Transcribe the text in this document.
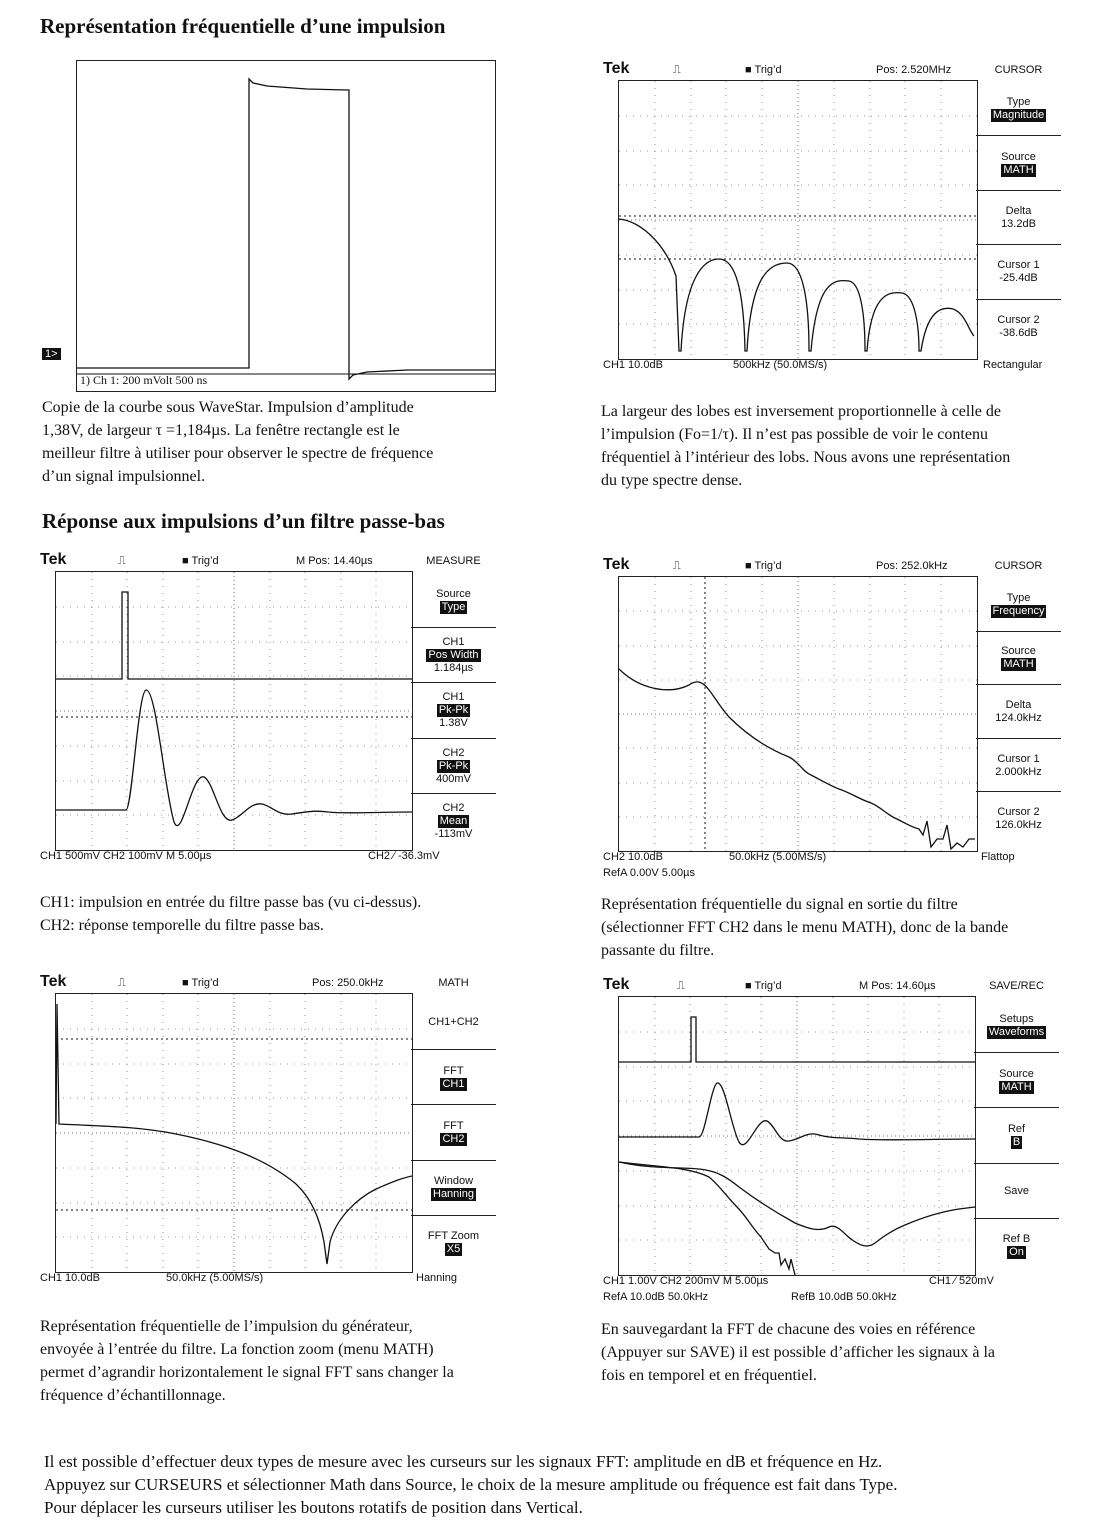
Représentation fréquentielle d’une impulsion
Réponse aux impulsions d’un filtre passe-bas
1>
1) Ch 1: 200 mVolt 500 ns
Copie de la courbe sous WaveStar. Impulsion d’amplitude
1,38V, de largeur τ =1,184µs. La fenêtre rectangle est le
meilleur filtre à utiliser pour observer le spectre de fréquence
d’un signal impulsionnel.
La largeur des lobes est inversement proportionnelle à celle de
l’impulsion (Fo=1/τ). Il n’est pas possible de voir le contenu
fréquentiel à l’intérieur des lobs. Nous avons une représentation
du type spectre dense.
CH1: impulsion en entrée du filtre passe bas (vu ci-dessus).
CH2: réponse temporelle du filtre passe bas.
Représentation fréquentielle du signal en sortie du filtre
(sélectionner FFT CH2 dans le menu MATH), donc de la bande
passante du filtre.
Représentation fréquentielle de l’impulsion du générateur,
envoyée à l’entrée du filtre. La fonction zoom (menu MATH)
permet d’agrandir horizontalement le signal FFT sans changer la
fréquence d’échantillonnage.
En sauvegardant la FFT de chacune des voies en référence
(Appuyer sur SAVE) il est possible d’afficher les signaux à la
fois en temporel et en fréquentiel.
Il est possible d’effectuer deux types de mesure avec les curseurs sur les signaux FFT: amplitude en dB et fréquence en Hz.
Appuyez sur CURSEURS et sélectionner Math dans Source, le choix de la mesure amplitude ou fréquence est fait dans Type.
Pour déplacer les curseurs utiliser les boutons rotatifs de position dans Vertical.
Tek	⎍	■ Trig’d	Pos: 2.520MHz	CURSOR
Type
Magnitude
Source
MATH
Delta
13.2dB
Cursor 1
-25.4dB
Cursor 2
-38.6dB
CH1 10.0dB	500kHz (50.0MS/s)	Rectangular
Tek	⎍	■ Trig’d	M Pos: 14.40µs	MEASURE
Source
Type
CH1
Pos Width
1.184µs
CH1
Pk-Pk
1.38V
CH2
Pk-Pk
400mV
CH2
Mean
-113mV
CH1 500mV CH2 100mV M 5.00µs	CH2 ∕ -36.3mV
Tek	⎍	■ Trig’d	Pos: 252.0kHz	CURSOR
Type
Frequency
Source
MATH
Delta
124.0kHz
Cursor 1
2.000kHz
Cursor 2
126.0kHz
CH2 10.0dB	50.0kHz (5.00MS/s)	Flattop
RefA 0.00V 5.00µs
Tek	⎍	■ Trig’d	Pos: 250.0kHz	MATH
CH1+CH2
FFT
CH1
FFT
CH2
Window
Hanning
FFT Zoom
X5
CH1 10.0dB	50.0kHz (5.00MS/s)	Hanning
Tek	⎍	■ Trig’d	M Pos: 14.60µs	SAVE/REC
Setups
Waveforms
Source
MATH
Ref
B
Save
Ref B
On
CH1 1.00V CH2 200mV M 5.00µs	CH1 ∕ 520mV
RefA 10.0dB 50.0kHz	RefB 10.0dB 50.0kHz
